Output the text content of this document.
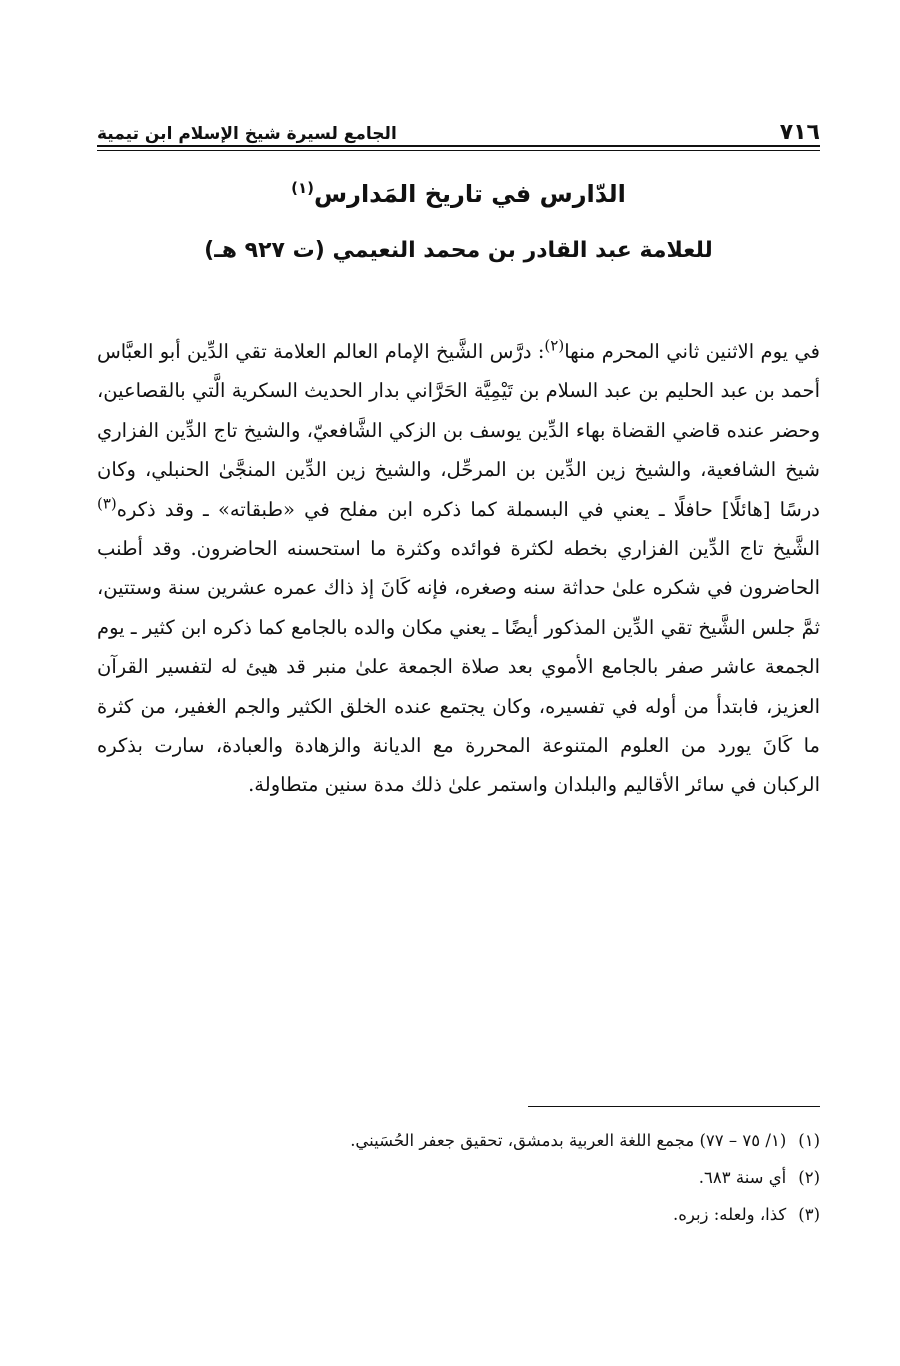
٧١٦
الجامع لسيرة شيخ الإسلام ابن تيمية
الدّارس في تاريخ المَدارس$^{(١)}$
للعلامة عبد القادر بن محمد النعيمي (ت ٩٢٧ هـ)

في يوم الاثنين ثاني المحرم منها$^{(٢)}$: درَّس الشَّيخ الإمام العالم العلامة تقي الدِّين أبو العبَّاس أحمد بن عبد الحليم بن عبد السلام بن تَيْمِيَّة الحَرَّاني بدار الحديث السكرية الَّتي بالقصاعين، وحضر عنده قاضي القضاة بهاء الدِّين يوسف بن الزكي الشَّافعيّ، والشيخ تاج الدِّين الفزاري شيخ الشافعية، والشيخ زين الدِّين بن المرحِّل، والشيخ زين الدِّين المنجَّىٰ الحنبلي، وكان درسًا [هائلًا] حافلًا ـ يعني في البسملة كما ذكره ابن مفلح في «طبقاته» ـ وقد ذكره$^{(٣)}$ الشَّيخ تاج الدِّين الفزاري بخطه لكثرة فوائده وكثرة ما استحسنه الحاضرون. وقد أطنب الحاضرون في شكره علىٰ حداثة سنه وصغره، فإنه كَانَ إذ ذاك عمره عشرين سنة وستتين، ثمَّ جلس الشَّيخ تقي الدِّين المذكور أيضًا ـ يعني مكان والده بالجامع كما ذكره ابن كثير ـ يوم الجمعة عاشر صفر بالجامع الأموي بعد صلاة الجمعة علىٰ منبر قد هيئ له لتفسير القرآن العزيز، فابتدأ من أوله في تفسيره، وكان يجتمع عنده الخلق الكثير والجم الغفير، من كثرة ما كَانَ يورد من العلوم المتنوعة المحررة مع الديانة والزهادة والعبادة، سارت بذكره الركبان في سائر الأقاليم والبلدان واستمر علىٰ ذلك مدة سنين متطاولة.

(١)
(١/ ٧٥ – ٧٧) مجمع اللغة العربية بدمشق، تحقيق جعفر الحُسَيني.
(٢)
أي سنة ٦٨٣.
(٣)
كذا، ولعله: زبره.
